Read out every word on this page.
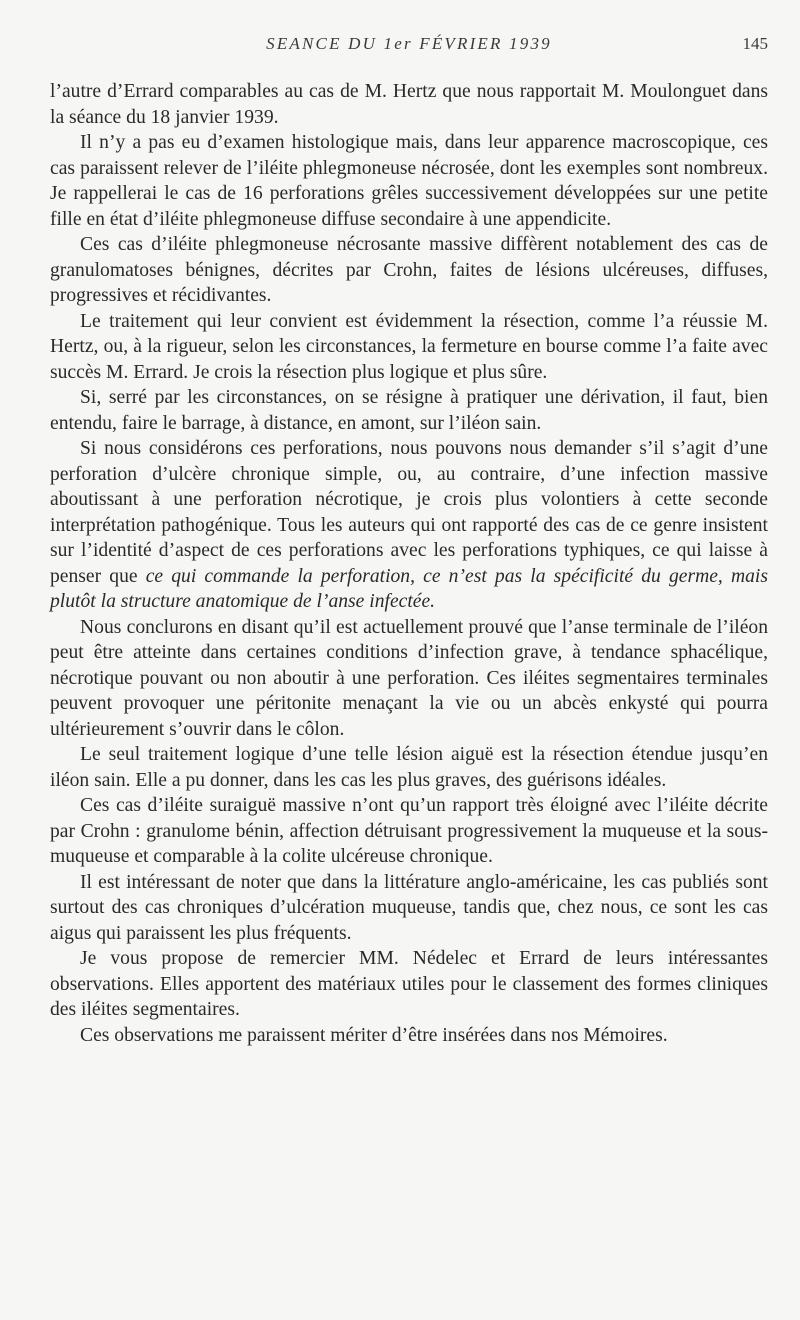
SEANCE DU 1er FÉVRIER 1939	145

l’autre d’Errard comparables au cas de M. Hertz que nous rapportait M. Moulonguet dans la séance du 18 janvier 1939.

Il n’y a pas eu d’examen histologique mais, dans leur apparence macroscopique, ces cas paraissent relever de l’iléite phlegmoneuse nécrosée, dont les exemples sont nombreux. Je rappellerai le cas de 16 perforations grêles successivement développées sur une petite fille en état d’iléite phlegmoneuse diffuse secondaire à une appendicite.

Ces cas d’iléite phlegmoneuse nécrosante massive diffèrent notablement des cas de granulomatoses bénignes, décrites par Crohn, faites de lésions ulcéreuses, diffuses, progressives et récidivantes.

Le traitement qui leur convient est évidemment la résection, comme l’a réussie M. Hertz, ou, à la rigueur, selon les circonstances, la fermeture en bourse comme l’a faite avec succès M. Errard. Je crois la résection plus logique et plus sûre.

Si, serré par les circonstances, on se résigne à pratiquer une dérivation, il faut, bien entendu, faire le barrage, à distance, en amont, sur l’iléon sain.

Si nous considérons ces perforations, nous pouvons nous demander s’il s’agit d’une perforation d’ulcère chronique simple, ou, au contraire, d’une infection massive aboutissant à une perforation nécrotique, je crois plus volontiers à cette seconde interprétation pathogénique. Tous les auteurs qui ont rapporté des cas de ce genre insistent sur l’identité d’aspect de ces perforations avec les perforations typhiques, ce qui laisse à penser que ce qui commande la perforation, ce n’est pas la spécificité du germe, mais plutôt la structure anatomique de l’anse infectée.

Nous conclurons en disant qu’il est actuellement prouvé que l’anse terminale de l’iléon peut être atteinte dans certaines conditions d’infection grave, à tendance sphacélique, nécrotique pouvant ou non aboutir à une perforation. Ces iléites segmentaires terminales peuvent provoquer une péritonite menaçant la vie ou un abcès enkysté qui pourra ultérieurement s’ouvrir dans le côlon.

Le seul traitement logique d’une telle lésion aiguë est la résection étendue jusqu’en iléon sain. Elle a pu donner, dans les cas les plus graves, des guérisons idéales.

Ces cas d’iléite suraiguë massive n’ont qu’un rapport très éloigné avec l’iléite décrite par Crohn : granulome bénin, affection détruisant progressivement la muqueuse et la sous-muqueuse et comparable à la colite ulcéreuse chronique.

Il est intéressant de noter que dans la littérature anglo-américaine, les cas publiés sont surtout des cas chroniques d’ulcération muqueuse, tandis que, chez nous, ce sont les cas aigus qui paraissent les plus fréquents.

Je vous propose de remercier MM. Nédelec et Errard de leurs intéressantes observations. Elles apportent des matériaux utiles pour le classement des formes cliniques des iléites segmentaires.

Ces observations me paraissent mériter d’être insérées dans nos Mémoires.
